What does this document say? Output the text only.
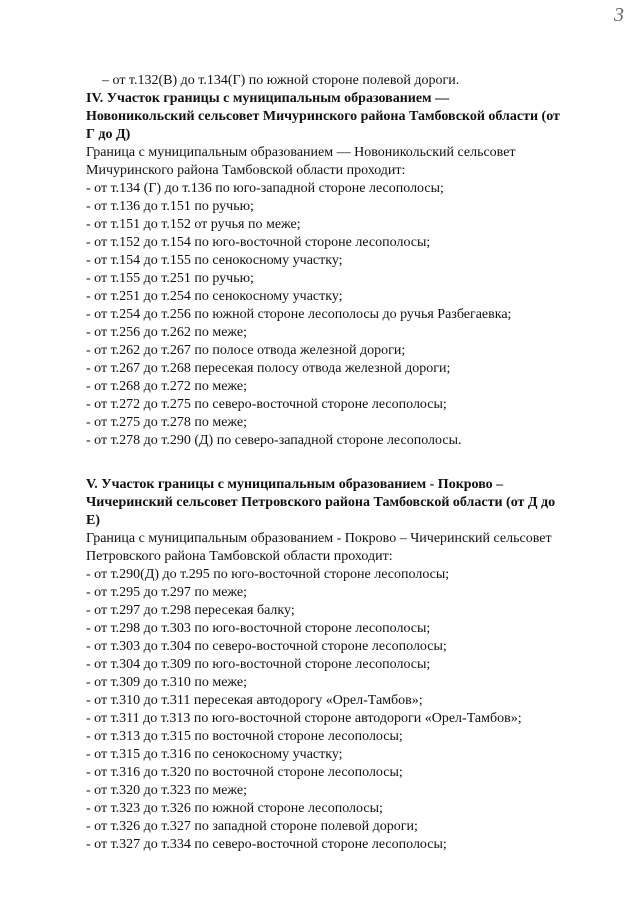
3
– от т.132(В) до т.134(Г) по южной стороне полевой дороги.
IV. Участок границы с муниципальным образованием —
Новоникольский сельсовет Мичуринского района Тамбовской области (от
Г до Д)
Граница с муниципальным образованием — Новоникольский сельсовет
Мичуринского района Тамбовской области проходит:
- от т.134 (Г) до т.136 по юго-западной стороне лесополосы;
- от т.136 до т.151 по ручью;
- от т.151 до т.152 от ручья по меже;
- от т.152 до т.154 по юго-восточной стороне лесополосы;
- от т.154 до т.155 по сенокосному участку;
- от т.155 до т.251 по ручью;
- от т.251 до т.254 по сенокосному участку;
- от т.254 до т.256 по южной стороне лесополосы до ручья Разбегаевка;
- от т.256 до т.262 по меже;
- от т.262 до т.267 по полосе отвода железной дороги;
- от т.267 до т.268 пересекая полосу отвода железной дороги;
- от т.268 до т.272 по меже;
- от т.272 до т.275 по северо-восточной стороне лесополосы;
- от т.275 до т.278 по меже;
- от т.278 до т.290 (Д) по северо-западной стороне лесополосы.
V. Участок границы с муниципальным образованием - Покрово –
Чичеринский сельсовет Петровского района Тамбовской области (от Д до
Е)
Граница с муниципальным образованием - Покрово – Чичеринский сельсовет
Петровского района Тамбовской области проходит:
- от т.290(Д) до т.295 по юго-восточной стороне лесополосы;
- от т.295 до т.297 по меже;
- от т.297 до т.298 пересекая балку;
- от т.298 до т.303 по юго-восточной стороне лесополосы;
- от т.303 до т.304 по северо-восточной стороне лесополосы;
- от т.304 до т.309 по юго-восточной стороне лесополосы;
- от т.309 до т.310 по меже;
- от т.310 до т.311 пересекая автодорогу «Орел-Тамбов»;
- от т.311 до т.313 по юго-восточной стороне автодороги «Орел-Тамбов»;
- от т.313 до т.315 по восточной стороне лесополосы;
- от т.315 до т.316 по сенокосному участку;
- от т.316 до т.320 по восточной стороне лесополосы;
- от т.320 до т.323 по меже;
- от т.323 до т.326 по южной стороне лесополосы;
- от т.326 до т.327 по западной стороне полевой дороги;
- от т.327 до т.334 по северо-восточной стороне лесополосы;
